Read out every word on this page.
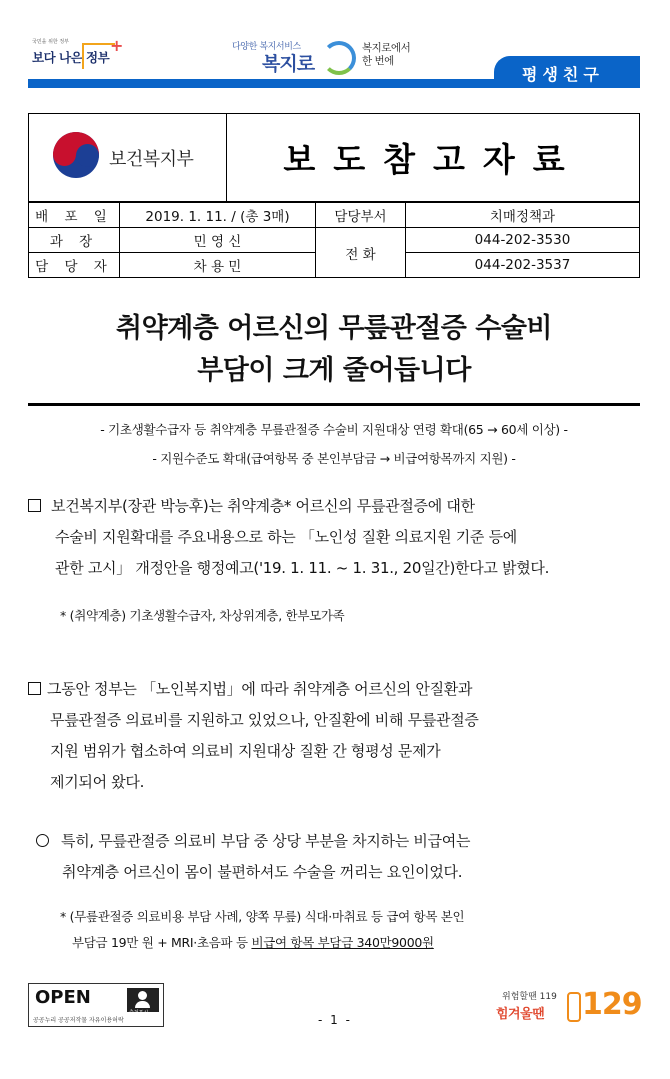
국민을 위한 정부
보다 나은 정부
+	다양한 복지서비스
복지로
복지로에서
한 번에
평생친구
보건복지부	보도참고자료
배 포 일	2019. 1. 11. / (총 3매)	담당부서	치매정책과
과 장	민 영 신	전 화	044-202-3530
담 당 자	차 용 민		044-202-3537
취약계층 어르신의 무릎관절증 수술비
부담이 크게 줄어듭니다
- 기초생활수급자 등 취약계층 무릎관절증 수술비 지원대상 연령 확대(65 → 60세 이상) -
- 지원수준도 확대(급여항목 중 본인부담금 → 비급여항목까지 지원) -
보건복지부(장관 박능후)는 취약계층* 어르신의 무릎관절증에 대한
수술비 지원확대를 주요내용으로 하는 「노인성 질환 의료지원 기준 등에
관한 고시」 개정안을 행정예고('19. 1. 11. ~ 1. 31., 20일간)한다고 밝혔다.
* (취약계층) 기초생활수급자, 차상위계층, 한부모가족
그동안 정부는 「노인복지법」에 따라 취약계층 어르신의 안질환과
무릎관절증 의료비를 지원하고 있었으나, 안질환에 비해 무릎관절증
지원 범위가 협소하여 의료비 지원대상 질환 간 형평성 문제가
제기되어 왔다.
특히, 무릎관절증 의료비 부담 중 상당 부분을 차지하는 비급여는
취약계층 어르신이 몸이 불편하셔도 수술을 꺼리는 요인이었다.
* (무릎관절증 의료비용 부담 사례, 양쪽 무릎) 식대·마취료 등 급여 항목 본인
부담금 19만 원 + MRI·초음파 등 비급여 항목 부담금 340만9000원
OPEN
출처표시
공공누리 공공저작물 자유이용허락	- 1 -
위험할땐 119
힘겨울땐 129
